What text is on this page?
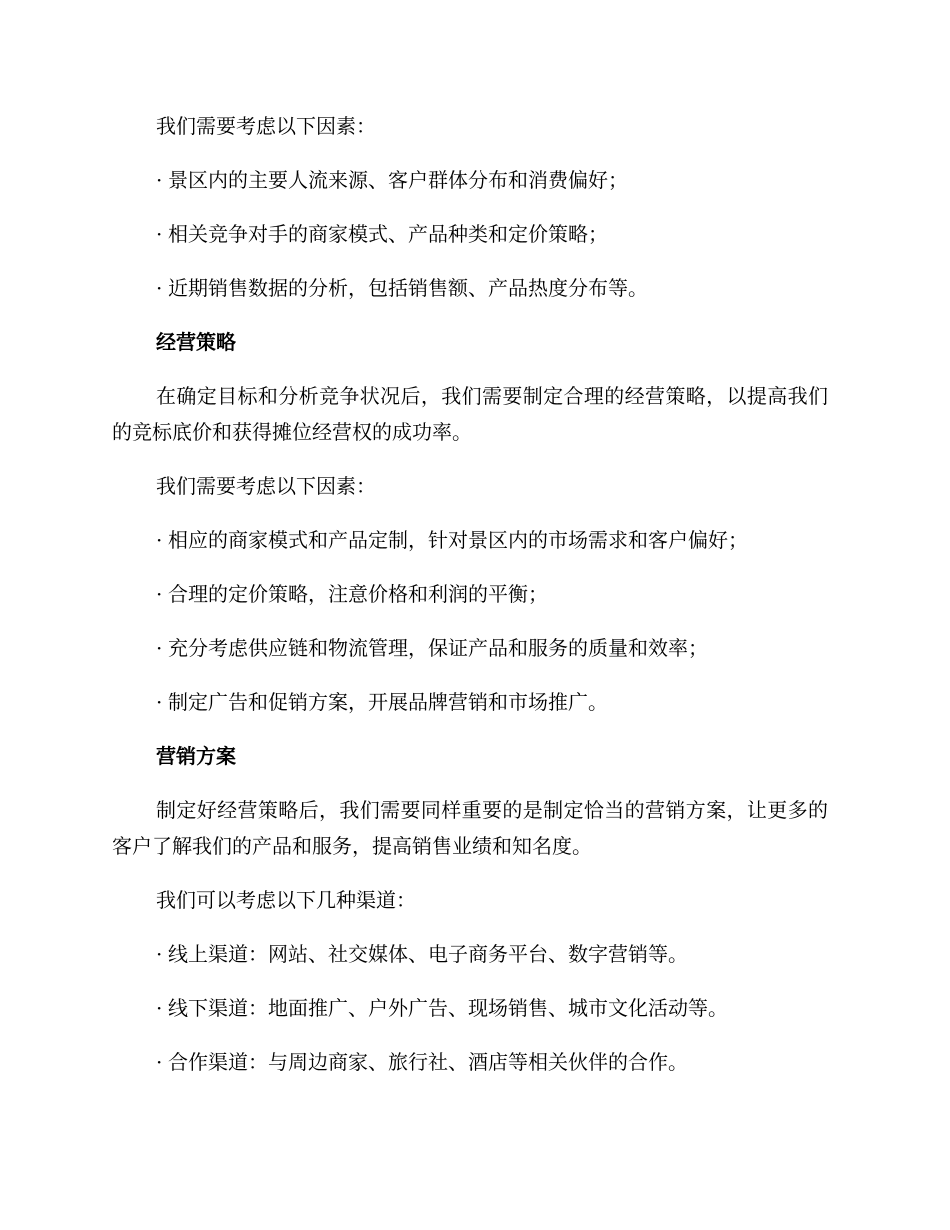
我们需要考虑以下因素：

· 景区内的主要人流来源、客户群体分布和消费偏好；

· 相关竞争对手的商家模式、产品种类和定价策略；

· 近期销售数据的分析，包括销售额、产品热度分布等。

经营策略

在确定目标和分析竞争状况后，我们需要制定合理的经营策略，以提高我们的竞标底价和获得摊位经营权的成功率。

我们需要考虑以下因素：

· 相应的商家模式和产品定制，针对景区内的市场需求和客户偏好；

· 合理的定价策略，注意价格和利润的平衡；

· 充分考虑供应链和物流管理，保证产品和服务的质量和效率；

· 制定广告和促销方案，开展品牌营销和市场推广。

营销方案

制定好经营策略后，我们需要同样重要的是制定恰当的营销方案，让更多的客户了解我们的产品和服务，提高销售业绩和知名度。

我们可以考虑以下几种渠道：

· 线上渠道：网站、社交媒体、电子商务平台、数字营销等。

· 线下渠道：地面推广、户外广告、现场销售、城市文化活动等。

· 合作渠道：与周边商家、旅行社、酒店等相关伙伴的合作。
